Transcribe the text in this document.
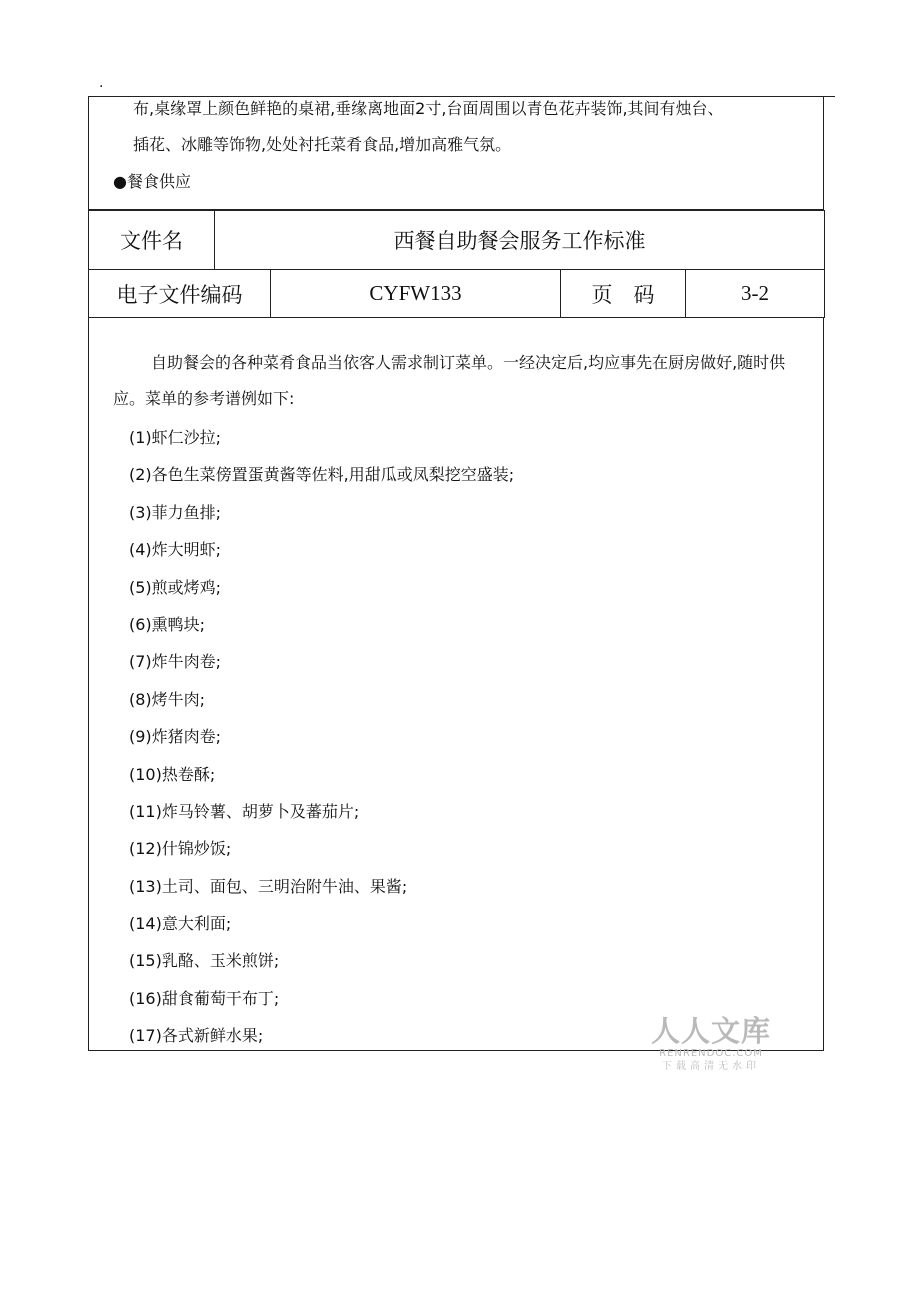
.
布,桌缘罩上颜色鲜艳的桌裙,垂缘离地面2寸,台面周围以青色花卉装饰,其间有烛台、
插花、冰雕等饰物,处处衬托菜肴食品,增加高雅气氛。
●餐食供应
文件名	西餐自助餐会服务工作标准			
电子文件编码		CYFW133	页　码	3-2

自助餐会的各种菜肴食品当依客人需求制订菜单。一经决定后,均应事先在厨房做好,随时供应。菜单的参考谱例如下:

(1)虾仁沙拉;
(2)各色生菜傍置蛋黄酱等佐料,用甜瓜或凤梨挖空盛装;
(3)菲力鱼排;
(4)炸大明虾;
(5)煎或烤鸡;
(6)熏鸭块;
(7)炸牛肉卷;
(8)烤牛肉;
(9)炸猪肉卷;
(10)热卷酥;
(11)炸马铃薯、胡萝卜及蕃茄片;
(12)什锦炒饭;
(13)土司、面包、三明治附牛油、果酱;
(14)意大利面;
(15)乳酪、玉米煎饼;
(16)甜食葡萄干布丁;
(17)各式新鲜水果;	人人文库
RENRENDOC.COM
下载高清无水印
